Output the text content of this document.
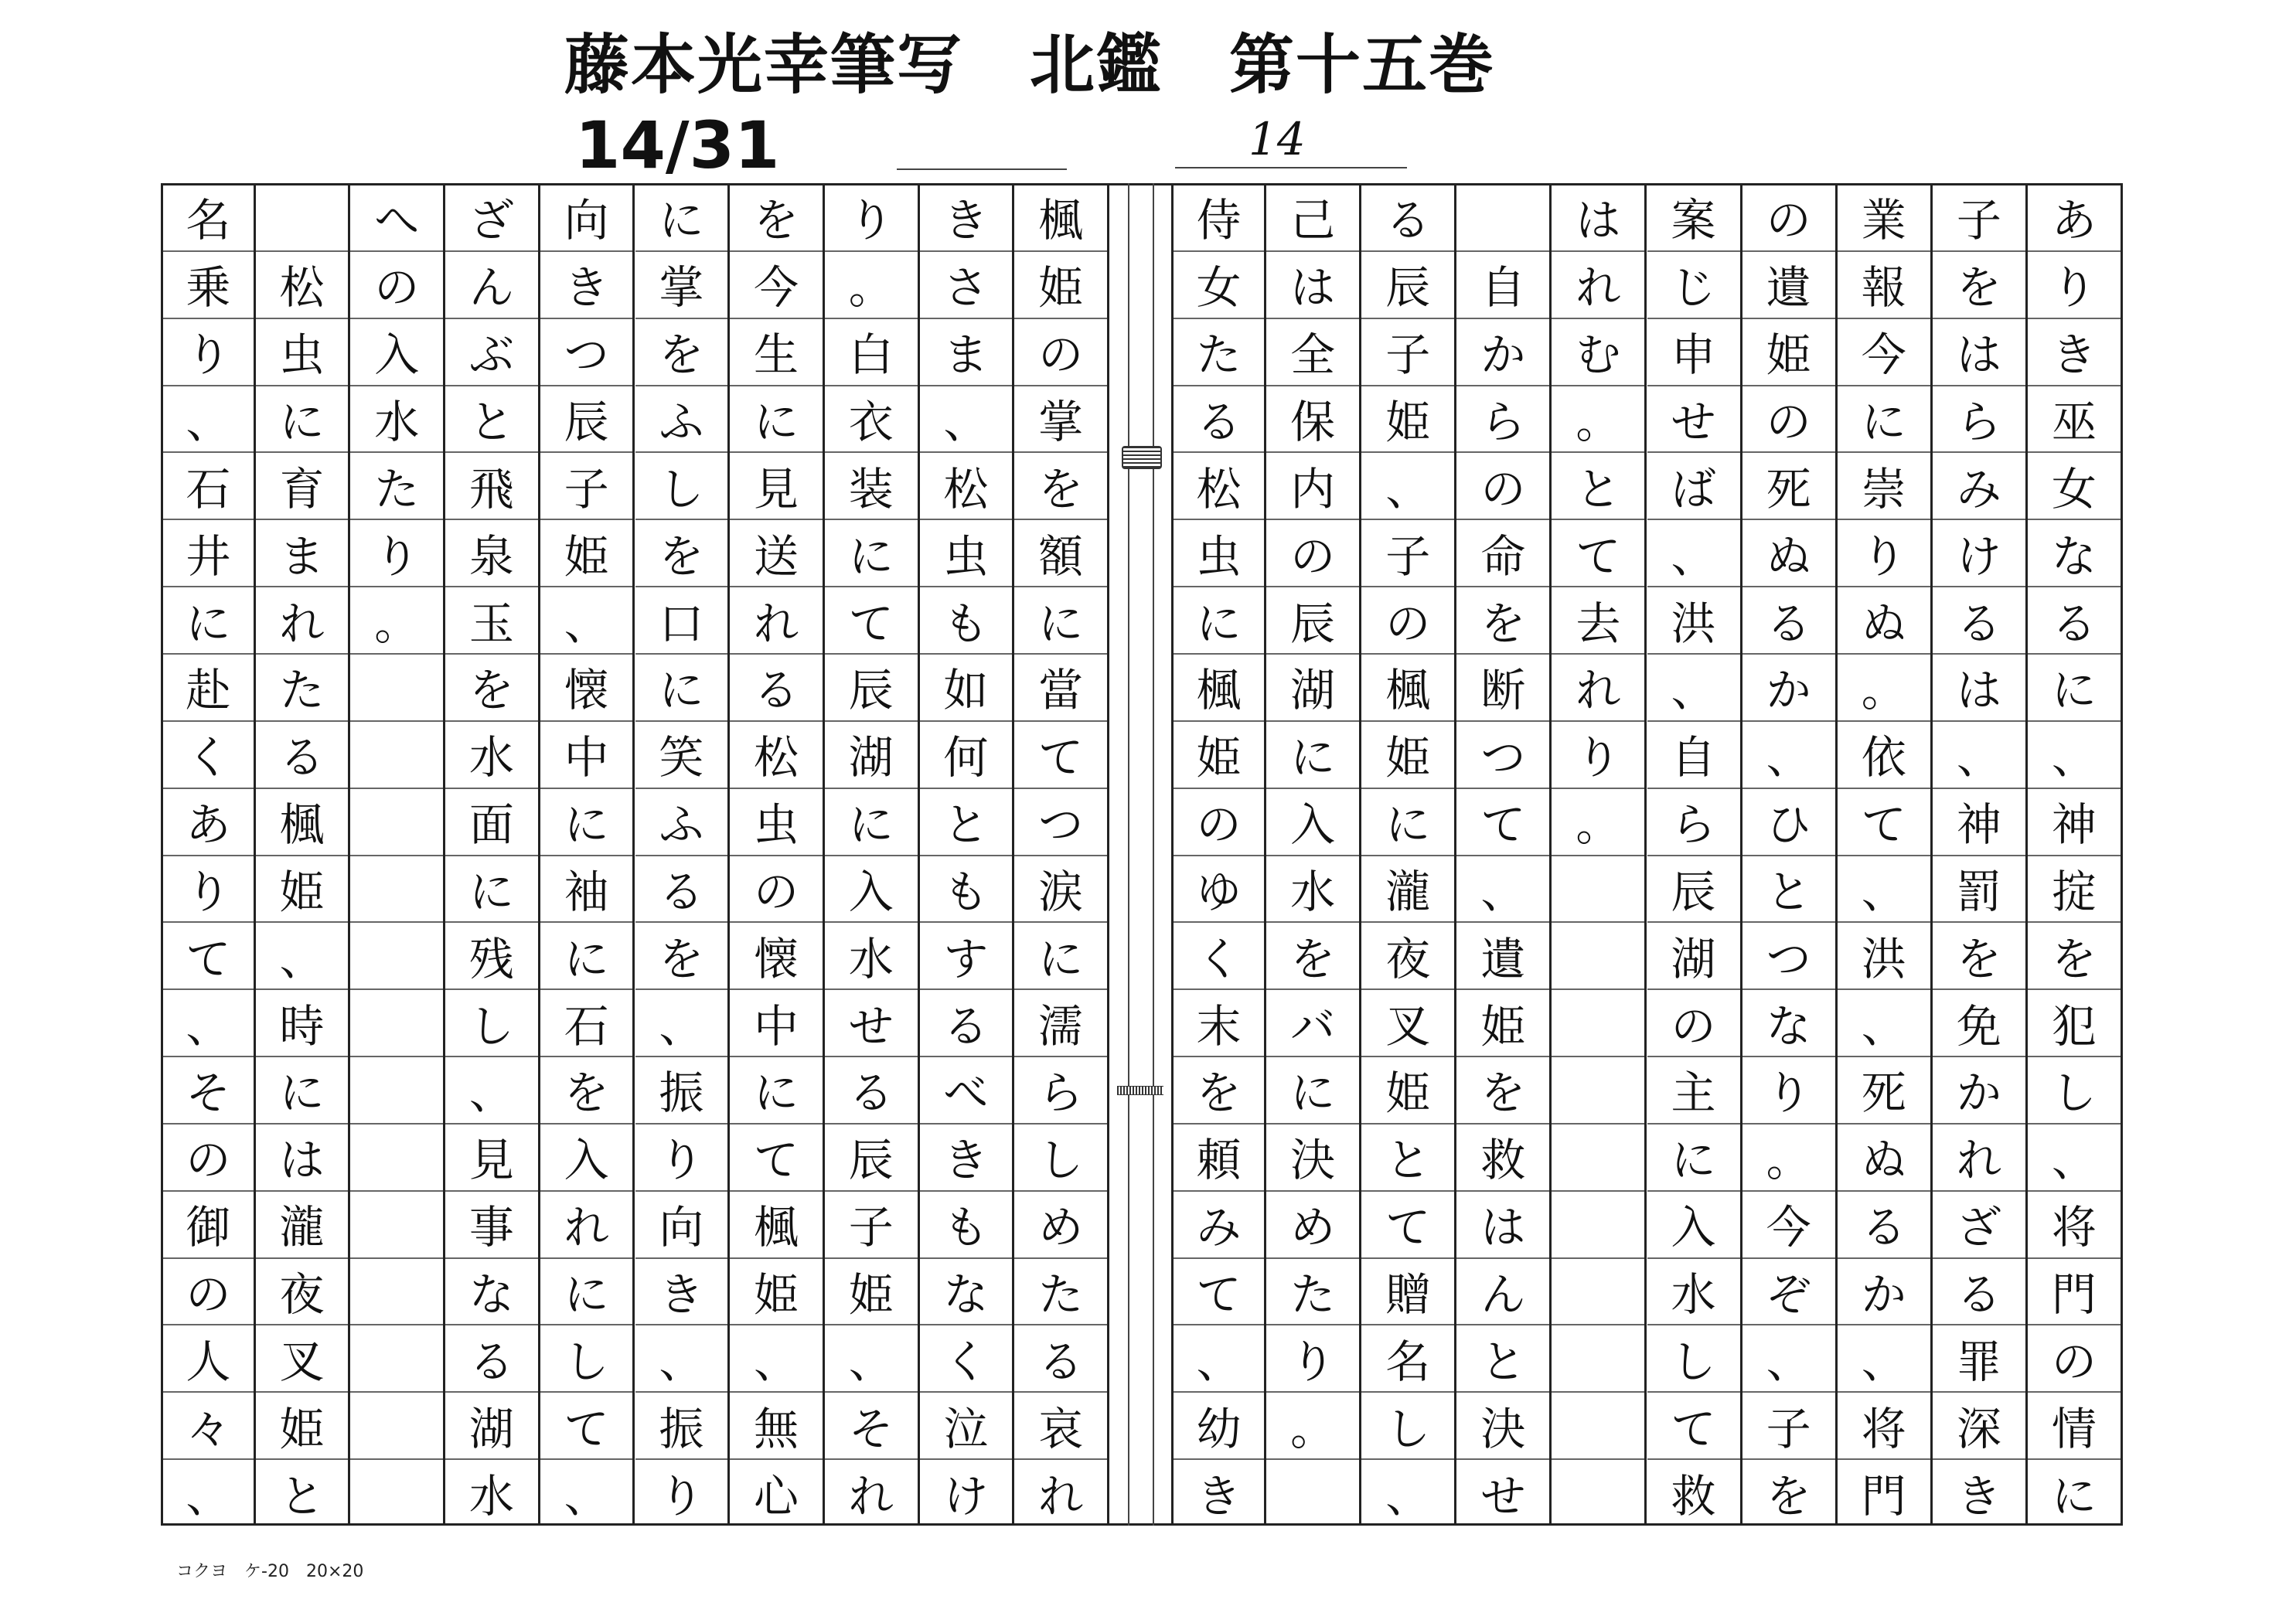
藤本光幸筆写　北鑑　第十五巻
14/31	14
あ
り
き
巫
女
な
る
に
、
神
掟
を
犯
し
、
将
門
の
情
に
子
を
は
ら
み
け
る
は
、
神
罰
を
免
か
れ
ざ
る
罪
深
き
業
報
今
に
崇
り
ぬ
。
依
て
、
洪
、
死
ぬ
る
か
、
将
門
の
遺
姫
の
死
ぬ
る
か
、
ひ
と
つ
な
り
。
今
ぞ
、
子
を
案
じ
申
せ
ば
、
洪
、
自
ら
辰
湖
の
主
に
入
水
し
て
救
は
れ
む
。
と
て
去
れ
り
。

自
か
ら
の
命
を
断
つ
て
、
遺
姫
を
救
は
ん
と
決
せ
る
辰
子
姫
、
子
の
楓
姫
に
瀧
夜
叉
姫
と
て
贈
名
し
、
己
は
全
保
内
の
辰
湖
に
入
水
を
バ
に
決
め
た
り
。
侍
女
た
る
松
虫
に
楓
姫
の
ゆ
く
末
を
頼
み
て
、
幼
き
楓
姫
の
掌
を
額
に
當
て
つ
涙
に
濡
ら
し
め
た
る
哀
れ
き
さ
ま
、
松
虫
も
如
何
と
も
す
る
べ
き
も
な
く
泣
け
り
。
白
衣
装
に
て
辰
湖
に
入
水
せ
る
辰
子
姫
、
そ
れ
を
今
生
に
見
送
れ
る
松
虫
の
懐
中
に
て
楓
姫
、
無
心
に
掌
を
ふ
し
を
口
に
笑
ふ
る
を
、
振
り
向
き
、
振
り
向
き
つ
辰
子
姫
、
懐
中
に
袖
に
石
を
入
れ
に
し
て
、
ざ
ん
ぶ
と
飛
泉
玉
を
水
面
に
残
し
、
見
事
な
る
湖
水
へ
の
入
水
た
り
。

松
虫
に
育
ま
れ
た
る
楓
姫
、
時
に
は
瀧
夜
叉
姫
と
名
乗
り
、
石
井
に
赴
く
あ
り
て
、
そ
の
御
の
人
々
、
コクヨ　 ケ-20　 20×20
